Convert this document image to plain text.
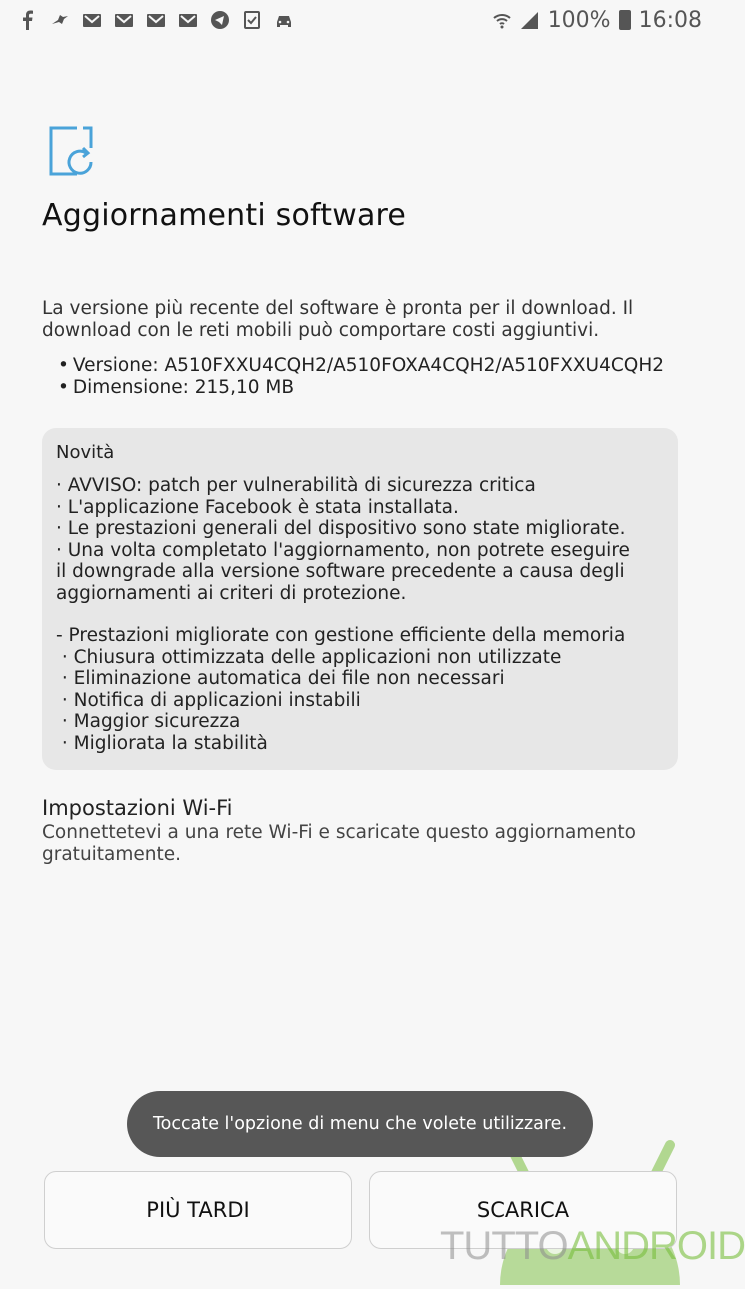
100% 16:08
Aggiornamenti software
La versione più recente del software è pronta per il download. Il download con le reti mobili può comportare costi aggiuntivi.
• Versione: A510FXXU4CQH2/A510FOXA4CQH2/A510FXXU4CQH2
• Dimensione: 215,10 MB
Novità
· AVVISO: patch per vulnerabilità di sicurezza critica
· L'applicazione Facebook è stata installata.
· Le prestazioni generali del dispositivo sono state migliorate.
· Una volta completato l'aggiornamento, non potrete eseguire
il downgrade alla versione software precedente a causa degli
aggiornamenti ai criteri di protezione.
- Prestazioni migliorate con gestione efficiente della memoria
· Chiusura ottimizzata delle applicazioni non utilizzate
· Eliminazione automatica dei file non necessari
· Notifica di applicazioni instabili
· Maggior sicurezza
· Migliorata la stabilità
Impostazioni Wi-Fi
Connettetevi a una rete Wi-Fi e scaricate questo aggiornamento gratuitamente.
Toccate l'opzione di menu che volete utilizzare.
PIÙ TARDI	SCARICA
TUTTOANDROID
